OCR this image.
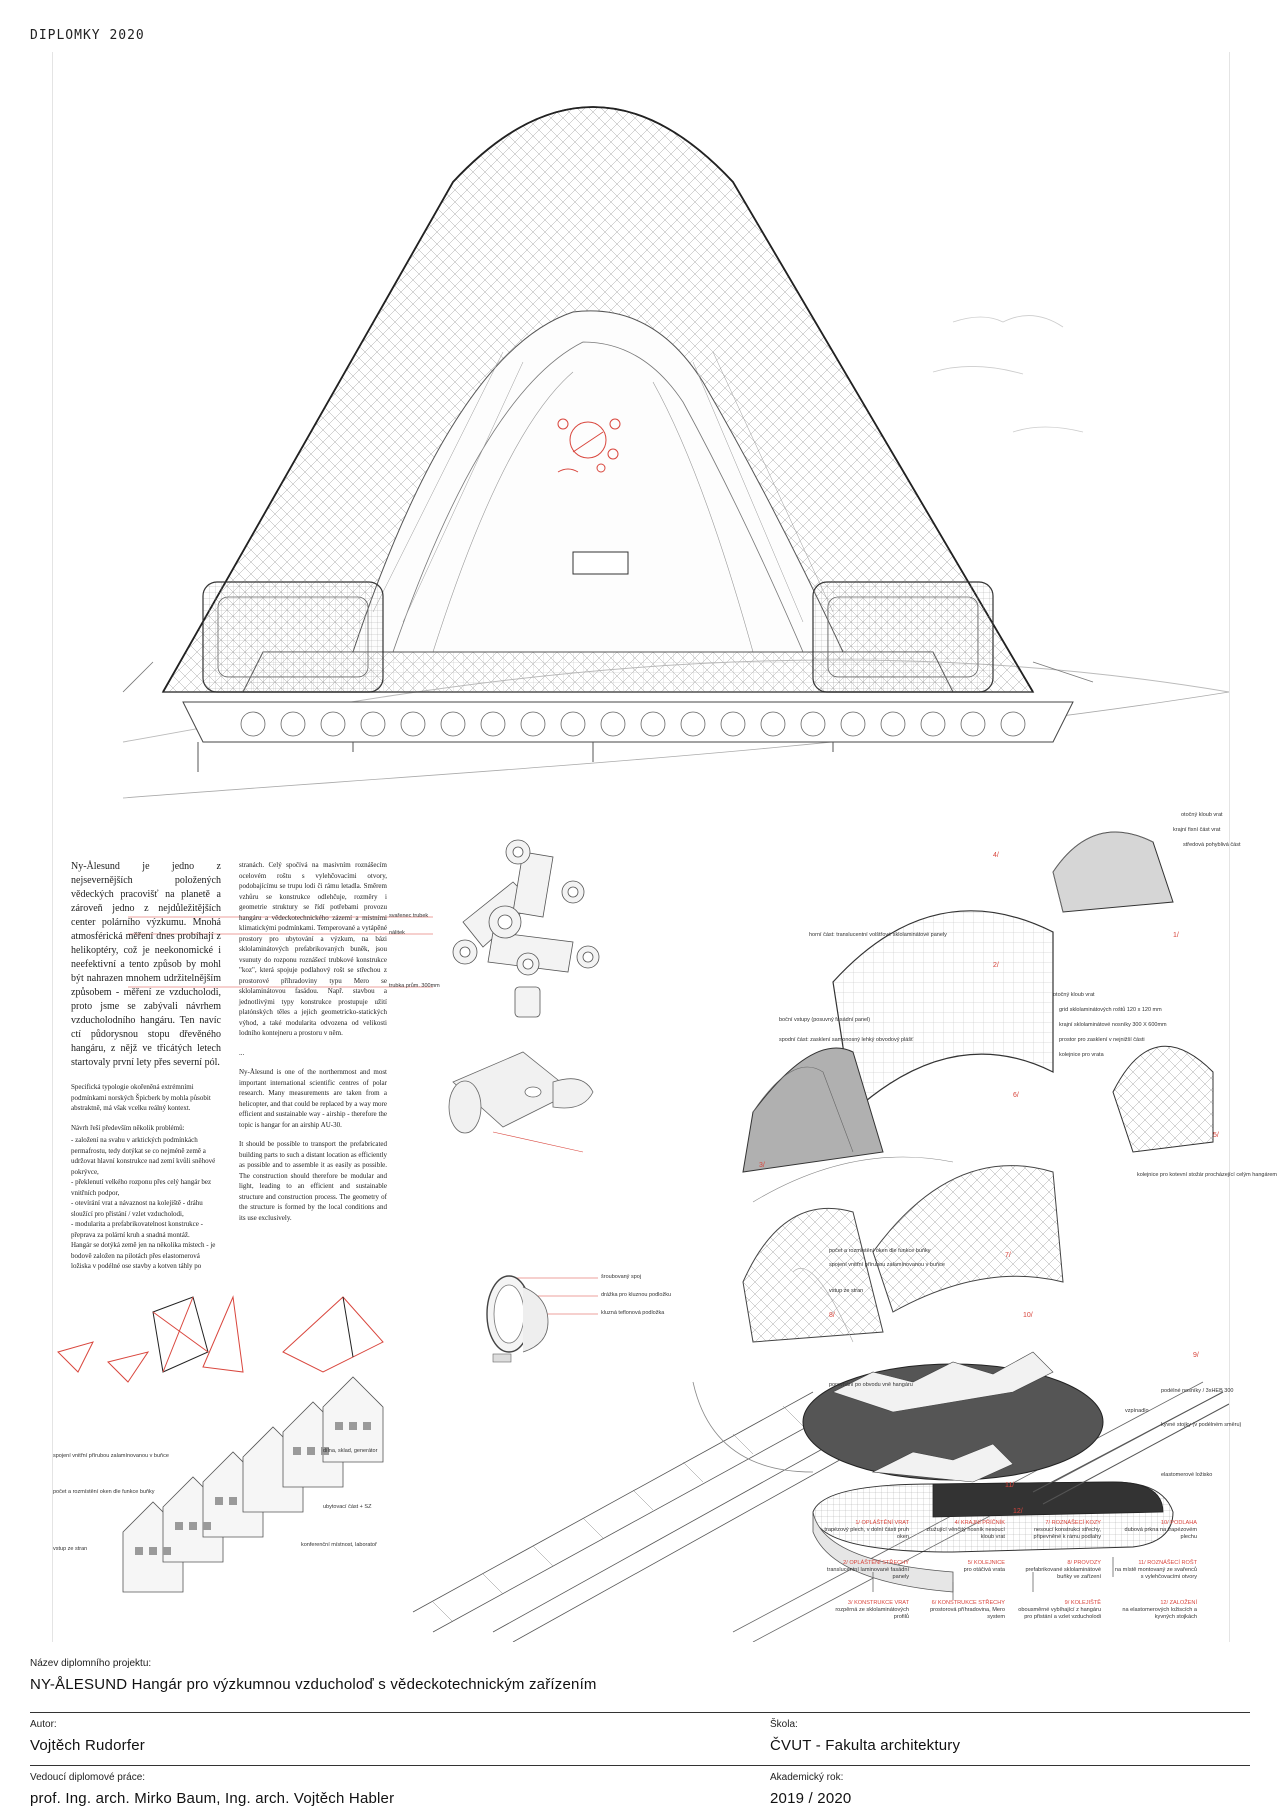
DIPLOMKY 2020

Ny-Ålesund je jedno z nejsevernějších položených vědeckých pracovišť na planetě a zároveň jedno z nejdůležitějších center polárního výzkumu. Mnohá atmosférická měření dnes probíhají z helikoptéry, což je neekonomické i neefektivní a tento způsob by mohl být nahrazen mnohem udržitelnějším způsobem - měření ze vzducholodi, proto jsme se zabývali návrhem vzducholodního hangáru. Ten navíc ctí půdorysnou stopu dřevěného hangáru, z nějž ve třicátých letech startovaly první lety přes severní pól.

Specifická typologie okořeněná extrémními podmínkami norských Špicberk by mohla působit abstraktně, má však vcelku reálný kontext.

Návrh řeší především několik problémů:

- založení na svahu v arktických podmínkách permafrostu, tedy dotýkat se co nejméně země a udržovat hlavní konstrukce nad zemí kvůli sněhové pokrývce,
- překlenutí velkého rozponu přes celý hangár bez vnitřních podpor,
- otevírání vrat a návaznost na kolejiště - dráhu sloužící pro přistání / vzlet vzducholodi,
- modularita a prefabrikovatelnost konstrukce - přeprava za polární kruh a snadná montáž.

Hangár se dotýká země jen na několika místech - je bodově založen na pilotách přes elastomerová ložiska v podélné ose stavby a kotven táhly po

stranách. Celý spočívá na masivním roznášecím ocelovém roštu s vylehčovacími otvory, podobajícímu se trupu lodi či rámu letadla. Směrem vzhůru se konstrukce odlehčuje, rozměry i geometrie struktury se řídí potřebami provozu hangáru a vědeckotechnického zázemí a místními klimatickými podmínkami. Temperované a vytápěné prostory pro ubytování a výzkum, na bázi sklolaminátových prefabrikovaných buněk, jsou vsunuty do rozponu roznášecí trubkové konstrukce "koz", která spojuje podlahový rošt se střechou z prostorové příhradoviny typu Mero se sklolaminátovou fasádou. Např. stavbou a jednotlivými typy konstrukce prostupuje užití platónských těles a jejich geometricko-statických výhod, a také modularita odvozena od velikosti lodního kontejneru a prostoru v něm.

...

Ny-Ålesund is one of the northernmost and most important international scientific centres of polar research. Many measurements are taken from a helicopter, and that could be replaced by a way more efficient and sustainable way - airship - therefore the topic is hangar for an airship AU-30.

It should be possible to transport the prefabricated building parts to such a distant location as efficiently as possible and to assemble it as easily as possible. The construction should therefore be modular and light, leading to an efficient and sustainable structure and construction process. The geometry of the structure is formed by the local conditions and its use exclusively.

svařenec trubek
nálitek
trubka prům. 300mm
šroubovaný spoj
drážka pro kluznou podložku
kluzná teflonová podložka
spojení vnitřní přírubou zalamínovanou v buňce
počet a rozmístění oken dle funkce buňky
vstup ze stran
dílna, sklad, generátor
ubytovací část + SZ
konferenční místnost, laboratoř
otočný kloub vrat
krajní fixní část vrat
středová pohyblivá část
horní část: translucentní volštřové sklolaminátové panely
boční vstupy (posuvný fasádní panel)
spodní část: zasklení samonosný lehký obvodový plášť
otočný kloub vrat
grid sklolaminátových roštů 120 x 120 mm
krajní sklolaminátové nosníky 300 X 600mm
prostor pro zasklení v nejnižší části
kolejnice pro vrata
kolejnice pro kotevní stožár procházející celým hangárem
počet a rozmístění oken dle funkce buňky
spojení vnitřní přírubou zalamínovanou v buňce
vstup ze stran
porovnání po obvodu vně hangáru
podélné nosníky / 3xHEB 300
vzpínadlo
kyvné stojky (v podélném směru)
elastomerové ložisko
1/
2/
3/
4/
5/
6/
7/
8/
9/
10/
11/
12/
1/ OPLÁŠTĚNÍ VRAT
trapézový plech, v dolní části pruh oken
4/ KRAJNÍ PŘÍČNÍK
ztužující věnčitý nosník nesoucí kloub vrat
7/ ROZNÁŠECÍ KOZY
nesoucí konstrukci střechy, připevněné k rámu podlahy
10/ PODLAHA
dubová prkna na trapézovém plechu
2/ OPLÁŠTĚNÍ STŘECHY
translucentní laminované fasádní panely
5/ KOLEJNICE
pro otáčivá vrata
8/ PROVOZY
prefabrikované sklolaminátové buňky ve zařízení
11/ ROZNÁŠECÍ ROŠT
na místě montovaný ze svařenců s vylehčovacími otvory
3/ KONSTRUKCE VRAT
rozpěrná ze sklolaminátových profilů
6/ KONSTRUKCE STŘECHY
prostorová příhradovina, Mero system
9/ KOLEJIŠTĚ
obousměrné vybíhající z hangáru pro přistání a vzlet vzducholodi
12/ ZALOŽENÍ
na elastomerových ložiscích a kyvných stojkách
Název diplomního projektu:
NY-ÅLESUND Hangár pro výzkumnou vzducholoď s vědeckotechnickým zařízením
Autor:
Vojtěch Rudorfer
Škola:
ČVUT - Fakulta architektury
Vedoucí diplomové práce:
prof. Ing. arch. Mirko Baum, Ing. arch. Vojtěch Habler
Akademický rok:
2019 / 2020
